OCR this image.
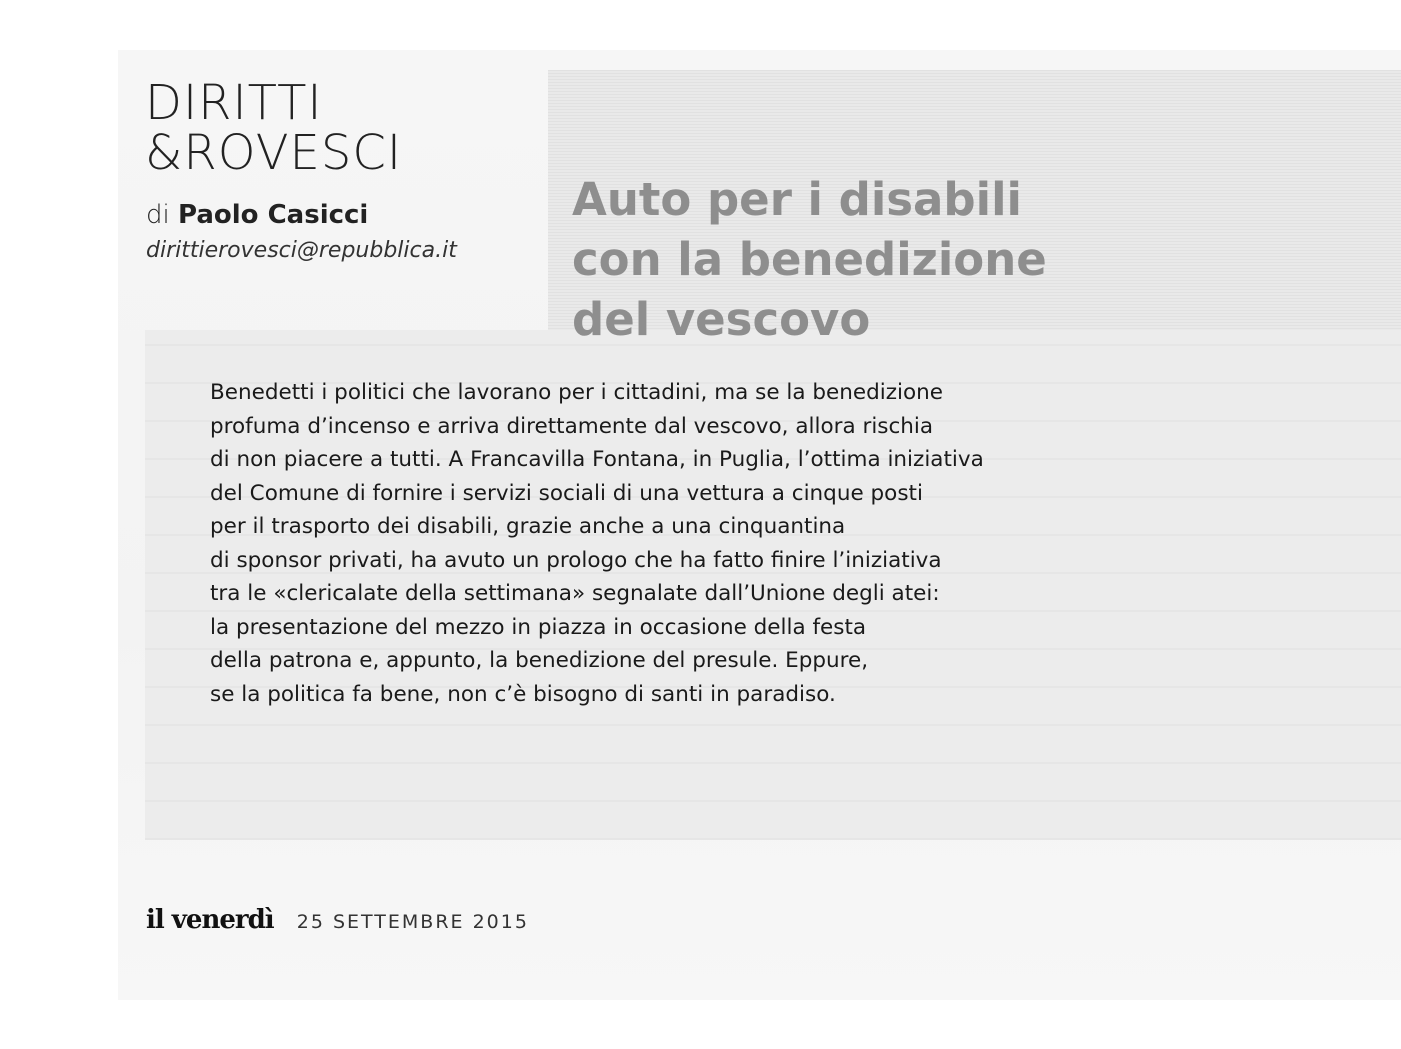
DIRITTI
&ROVESCI
di Paolo Casicci
dirittierovesci@repubblica.it
Auto per i disabili
con la benedizione
del vescovo
Benedetti i politici che lavorano per i cittadini, ma se la benedizione
profuma d’incenso e arriva direttamente dal vescovo, allora rischia
di non piacere a tutti. A Francavilla Fontana, in Puglia, l’ottima iniziativa
del Comune di fornire i servizi sociali di una vettura a cinque posti
per il trasporto dei disabili, grazie anche a una cinquantina
di sponsor privati, ha avuto un prologo che ha fatto finire l’iniziativa
tra le «clericalate della settimana» segnalate dall’Unione degli atei:
la presentazione del mezzo in piazza in occasione della festa
della patrona e, appunto, la benedizione del presule. Eppure,
se la politica fa bene, non c’è bisogno di santi in paradiso.
il venerdì 25 SETTEMBRE 2015
